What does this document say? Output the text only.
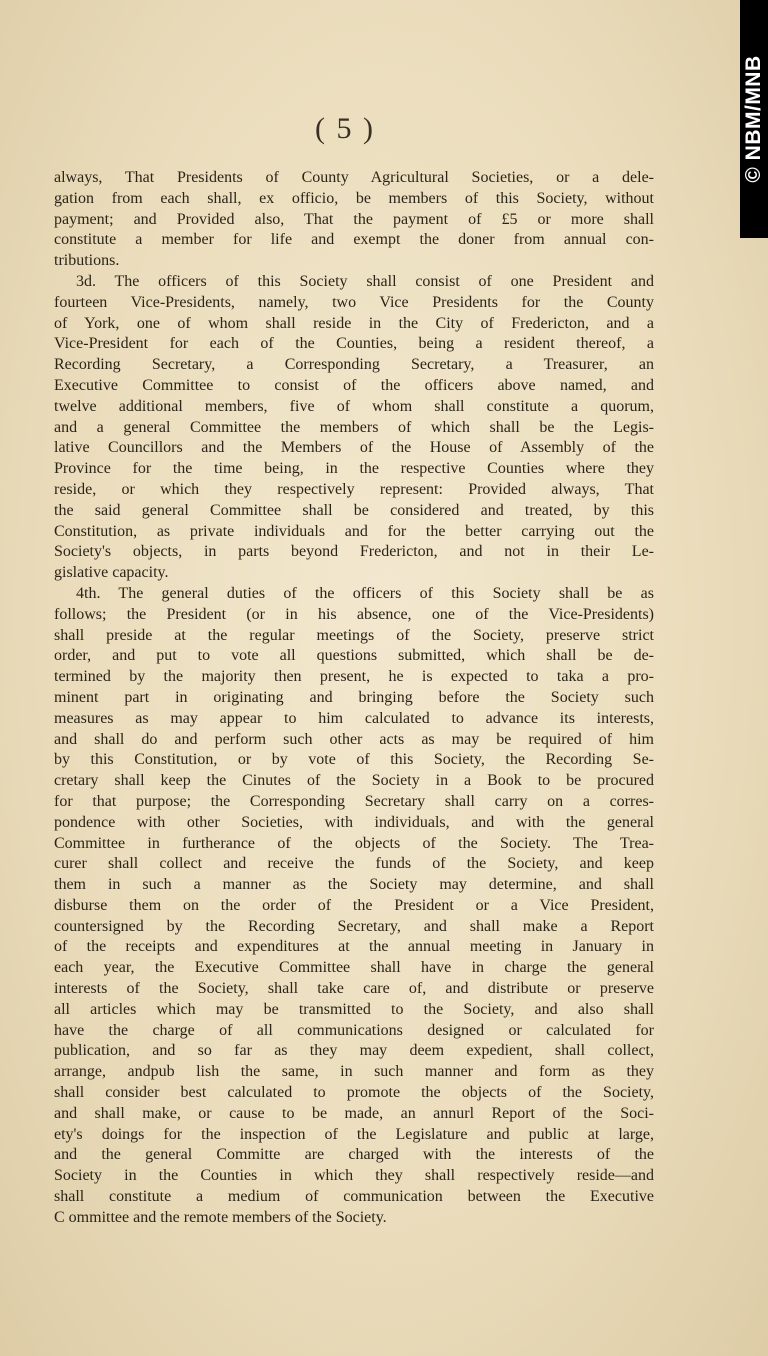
( 5 )
always, That Presidents of County Agricultural Societies, or a dele-
gation from each shall, ex officio, be members of this Society, without
payment; and Provided also, That the payment of £5 or more shall
constitute a member for life and exempt the doner from annual con-
tributions.
3d. The officers of this Society shall consist of one President and
fourteen Vice-Presidents, namely, two Vice Presidents for the County
of York, one of whom shall reside in the City of Fredericton, and a
Vice-President for each of the Counties, being a resident thereof, a
Recording Secretary, a Corresponding Secretary, a Treasurer, an
Executive Committee to consist of the officers above named, and
twelve additional members, five of whom shall constitute a quorum,
and a general Committee the members of which shall be the Legis-
lative Councillors and the Members of the House of Assembly of the
Province for the time being, in the respective Counties where they
reside, or which they respectively represent: Provided always, That
the said general Committee shall be considered and treated, by this
Constitution, as private individuals and for the better carrying out the
Society's objects, in parts beyond Fredericton, and not in their Le-
gislative capacity.
4th. The general duties of the officers of this Society shall be as
follows; the President (or in his absence, one of the Vice-Presidents)
shall preside at the regular meetings of the Society, preserve strict
order, and put to vote all questions submitted, which shall be de-
termined by the majority then present, he is expected to taka a pro-
minent part in originating and bringing before the Society such
measures as may appear to him calculated to advance its interests,
and shall do and perform such other acts as may be required of him
by this Constitution, or by vote of this Society, the Recording Se-
cretary shall keep the Cinutes of the Society in a Book to be procured
for that purpose; the Corresponding Secretary shall carry on a corres-
pondence with other Societies, with individuals, and with the general
Committee in furtherance of the objects of the Society. The Trea-
curer shall collect and receive the funds of the Society, and keep
them in such a manner as the Society may determine, and shall
disburse them on the order of the President or a Vice President,
countersigned by the Recording Secretary, and shall make a Report
of the receipts and expenditures at the annual meeting in January in
each year, the Executive Committee shall have in charge the general
interests of the Society, shall take care of, and distribute or preserve
all articles which may be transmitted to the Society, and also shall
have the charge of all communications designed or calculated for
publication, and so far as they may deem expedient, shall collect,
arrange, andpub lish the same, in such manner and form as they
shall consider best calculated to promote the objects of the Society,
and shall make, or cause to be made, an annurl Report of the Soci-
ety's doings for the inspection of the Legislature and public at large,
and the general Committe are charged with the interests of the
Society in the Counties in which they shall respectively reside—and
shall constitute a medium of communication between the Executive
C ommittee and the remote members of the Society.
© NBM/MNB
